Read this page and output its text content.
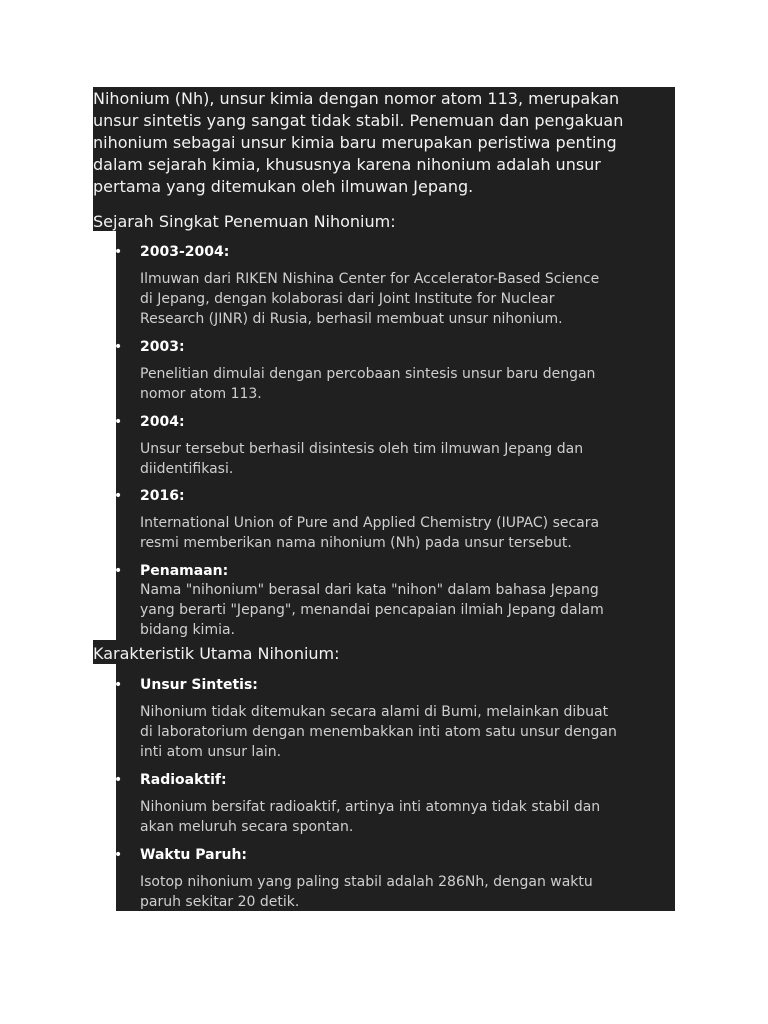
Nihonium (Nh), unsur kimia dengan nomor atom 113, merupakan

unsur sintetis yang sangat tidak stabil. Penemuan dan pengakuan

nihonium sebagai unsur kimia baru merupakan peristiwa penting

dalam sejarah kimia, khususnya karena nihonium adalah unsur

pertama yang ditemukan oleh ilmuwan Jepang.

Sejarah Singkat Penemuan Nihonium:
• 2003-2004:
Ilmuwan dari RIKEN Nishina Center for Accelerator-Based Science
di Jepang, dengan kolaborasi dari Joint Institute for Nuclear
Research (JINR) di Rusia, berhasil membuat unsur nihonium.
• 2003:
Penelitian dimulai dengan percobaan sintesis unsur baru dengan
nomor atom 113.
• 2004:
Unsur tersebut berhasil disintesis oleh tim ilmuwan Jepang dan
diidentifikasi.
• 2016:
International Union of Pure and Applied Chemistry (IUPAC) secara
resmi memberikan nama nihonium (Nh) pada unsur tersebut.
• Penamaan:
Nama "nihonium" berasal dari kata "nihon" dalam bahasa Jepang
yang berarti "Jepang", menandai pencapaian ilmiah Jepang dalam
bidang kimia.
Karakteristik Utama Nihonium:
• Unsur Sintetis:
Nihonium tidak ditemukan secara alami di Bumi, melainkan dibuat
di laboratorium dengan menembakkan inti atom satu unsur dengan
inti atom unsur lain.
• Radioaktif:
Nihonium bersifat radioaktif, artinya inti atomnya tidak stabil dan
akan meluruh secara spontan.
• Waktu Paruh:
Isotop nihonium yang paling stabil adalah 286Nh, dengan waktu
paruh sekitar 20 detik.
